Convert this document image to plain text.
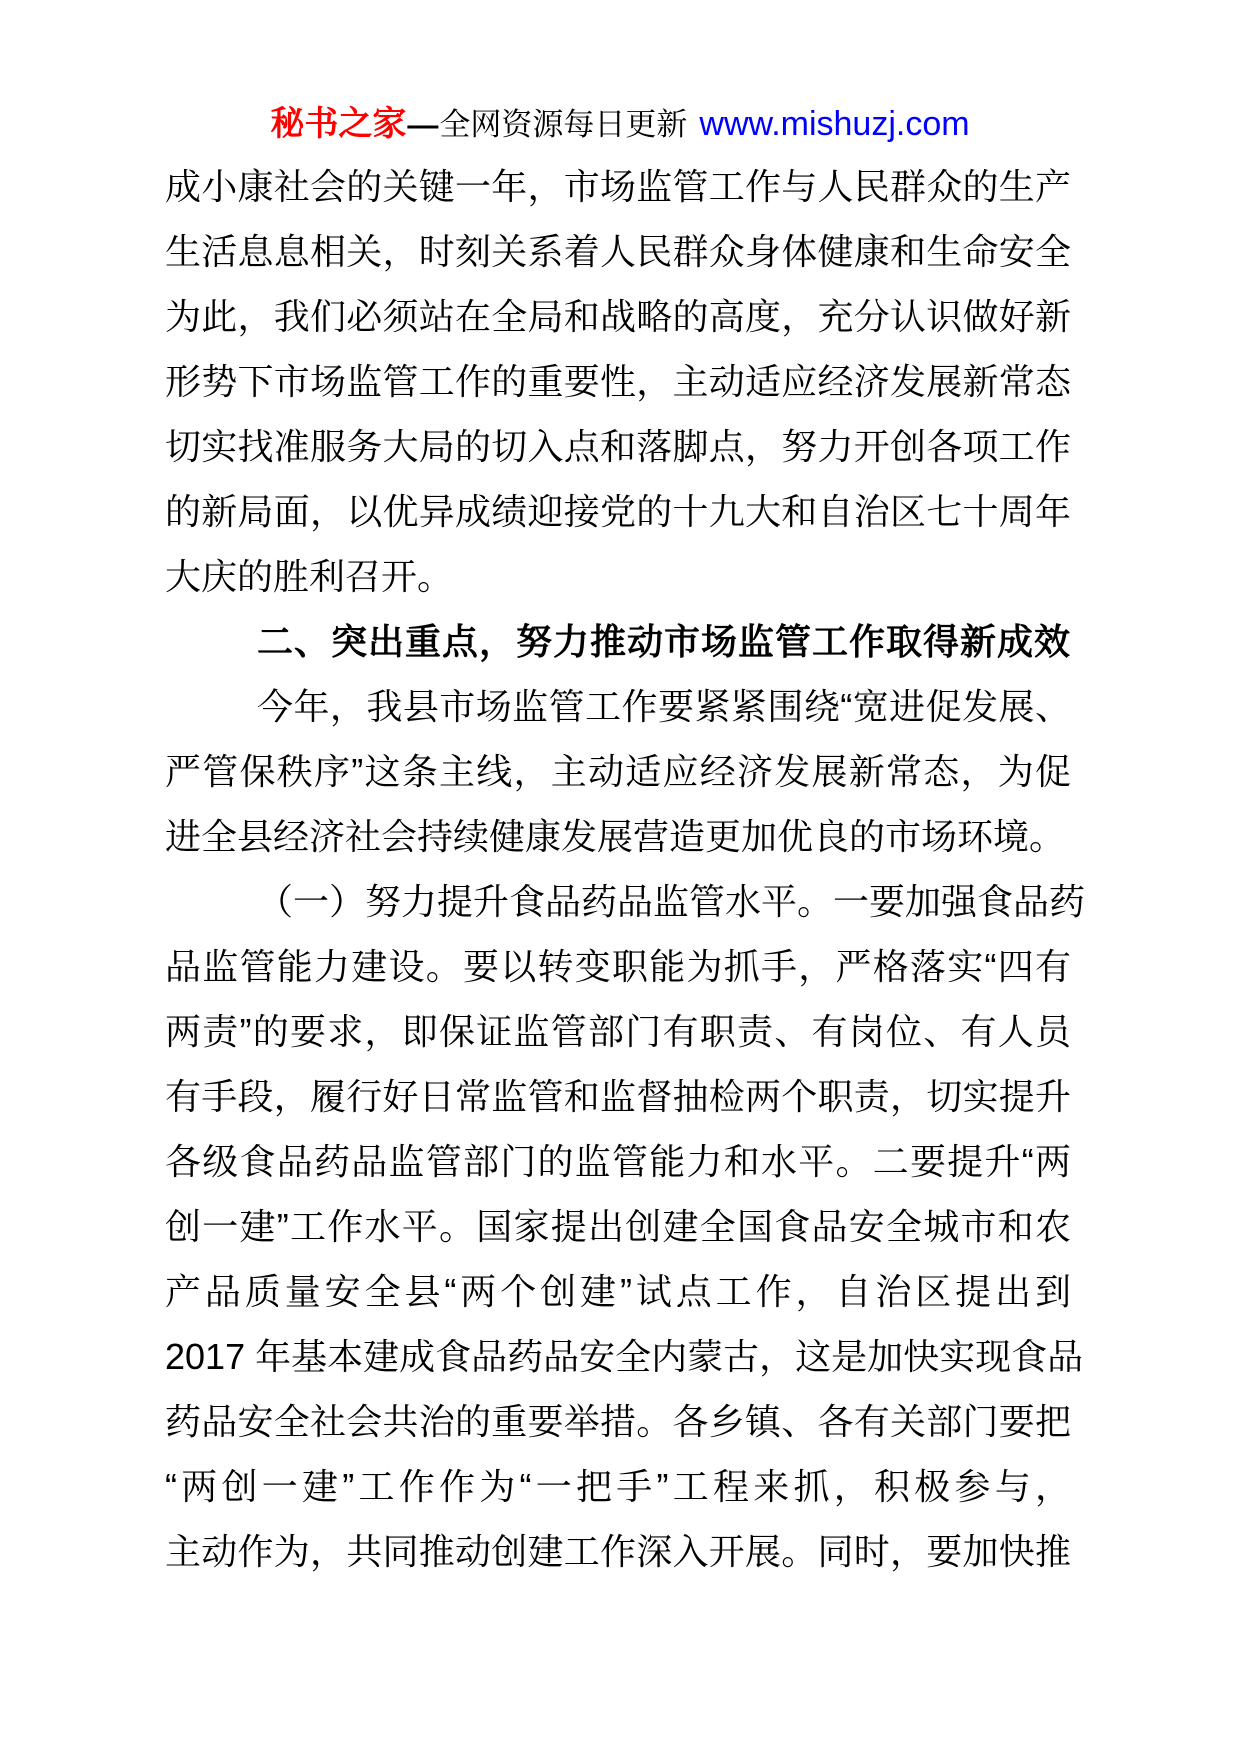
秘书之家 — 全网资源每日更新 www.mishuzj.com
成小康社会的关键一年，市场监管工作与人民群众的生产
生活息息相关，时刻关系着人民群众身体健康和生命安全
为此，我们必须站在全局和战略的高度，充分认识做好新
形势下市场监管工作的重要性，主动适应经济发展新常态
切实找准服务大局的切入点和落脚点，努力开创各项工作
的新局面，以优异成绩迎接党的十九大和自治区七十周年
大庆的胜利召开。
二、突出重点，努力推动市场监管工作取得新成效
今年，我县市场监管工作要紧紧围绕“宽进促发展、
严管保秩序”这条主线，主动适应经济发展新常态，为促
进全县经济社会持续健康发展营造更加优良的市场环境。
（一）努力提升食品药品监管水平。一要加强食品药
品监管能力建设。要以转变职能为抓手，严格落实“四有
两责”的要求，即保证监管部门有职责、有岗位、有人员
有手段，履行好日常监管和监督抽检两个职责，切实提升
各级食品药品监管部门的监管能力和水平。二要提升“两
创一建”工作水平。国家提出创建全国食品安全城市和农
产品质量安全县“两个创建”试点工作，自治区提出到
2017 年基本建成食品药品安全内蒙古，这是加快实现食品
药品安全社会共治的重要举措。各乡镇、各有关部门要把
“两创一建”工作作为“一把手”工程来抓，积极参与，
主动作为，共同推动创建工作深入开展。同时，要加快推
